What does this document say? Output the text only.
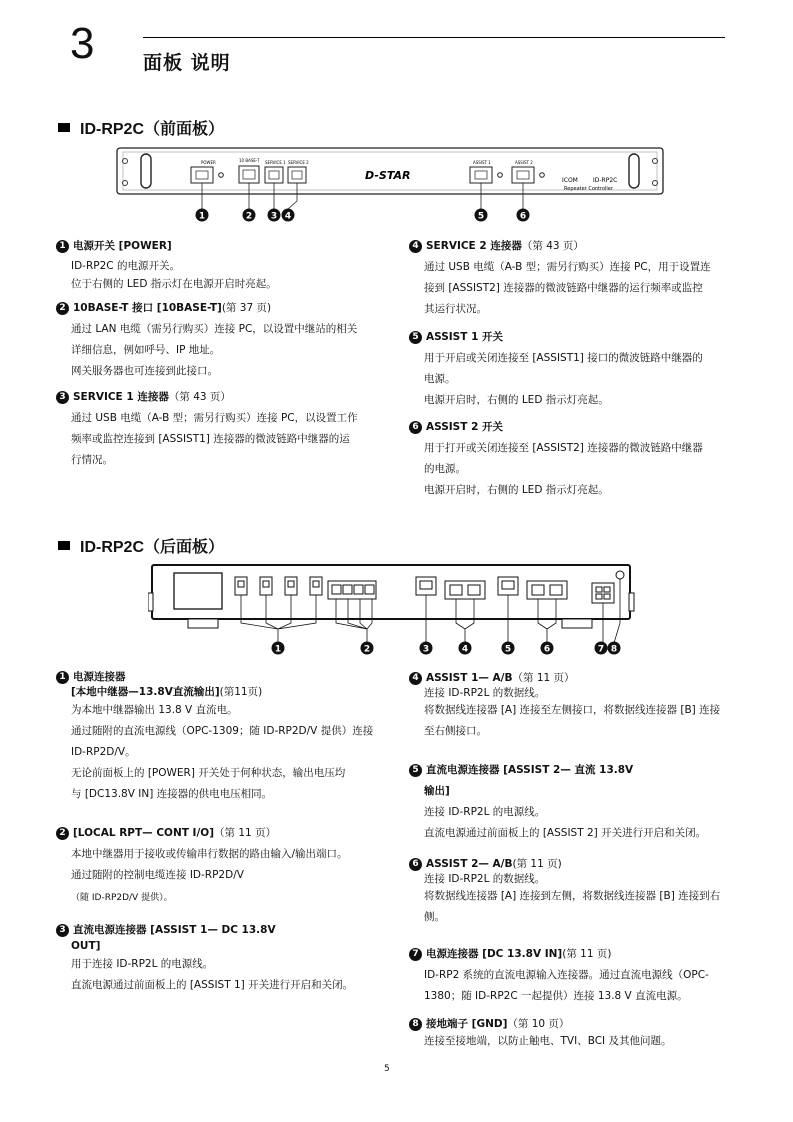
3	面板 说明
ID-RP2C（前面板）
POWER	10 BASE-T SERVICE 1 SERVICE 2
D-STAR
ASSIST 1	ASSIST 2
ICOM	ID-RP2C
Repeater Controller
1	2 3 4	5	6
1 电源开关 [POWER]
ID-RP2C 的电源开关。
位于右侧的 LED 指示灯在电源开启时亮起。
2 10BASE-T 接口 [10BASE-T] (第 37 页)
通过 LAN 电缆（需另行购买）连接 PC，以设置中继站的相关
详细信息，例如呼号、IP 地址。
网关服务器也可连接到此接口。
3 SERVICE 1 连接器 （第 43 页）
通过 USB 电缆（A-B 型；需另行购买）连接 PC，以设置工作
频率或监控连接到 [ASSIST1] 连接器的微波链路中继器的运
行情况。
4 SERVICE 2 连接器 （第 43 页）
通过 USB 电缆（A-B 型；需另行购买）连接 PC，用于设置连
接到 [ASSIST2] 连接器的微波链路中继器的运行频率或监控
其运行状况。
5 ASSIST 1 开关
用于开启或关闭连接至 [ASSIST1] 接口的微波链路中继器的
电源。
电源开启时，右侧的 LED 指示灯亮起。
6 ASSIST 2 开关
用于打开或关闭连接至 [ASSIST2] 连接器的微波链路中继器
的电源。
电源开启时，右侧的 LED 指示灯亮起。
ID-RP2C（后面板）
1	2	3	4	5	6	7 8
1 电源连接器
[本地中继器—13.8V直流输出](第11页)
为本地中继器输出 13.8 V 直流电。
通过随附的直流电源线（OPC-1309；随 ID-RP2D/V 提供）连接
ID-RP2D/V。
无论前面板上的 [POWER] 开关处于何种状态，输出电压均
与 [DC13.8V IN] 连接器的供电电压相同。
2 [LOCAL RPT— CONT I/O] （第 11 页）
本地中继器用于接收或传输串行数据的路由输入/输出端口。
通过随附的控制电缆连接 ID-RP2D/V
（随 ID-RP2D/V 提供）。
3 直流电源连接器 [ASSIST 1— DC 13.8V
OUT]
用于连接 ID-RP2L 的电源线。
直流电源通过前面板上的 [ASSIST 1] 开关进行开启和关闭。
4 ASSIST 1— A/B （第 11 页）
连接 ID-RP2L 的数据线。
将数据线连接器 [A] 连接至左侧接口，将数据线连接器 [B] 连接
至右侧接口。
5 直流电源连接器 [ASSIST 2— 直流 13.8V
输出]
连接 ID-RP2L 的电源线。
直流电源通过前面板上的 [ASSIST 2] 开关进行开启和关闭。
6 ASSIST 2— A/B (第 11 页)
连接 ID-RP2L 的数据线。
将数据线连接器 [A] 连接到左侧，将数据线连接器 [B] 连接到右
侧。
7 电源连接器 [DC 13.8V IN] (第 11 页)
ID-RP2 系统的直流电源输入连接器。通过直流电源线（OPC-
1380；随 ID-RP2C 一起提供）连接 13.8 V 直流电源。
8 接地端子 [GND] （第 10 页）
连接至接地端，以防止触电、TVI、BCI 及其他问题。
5
